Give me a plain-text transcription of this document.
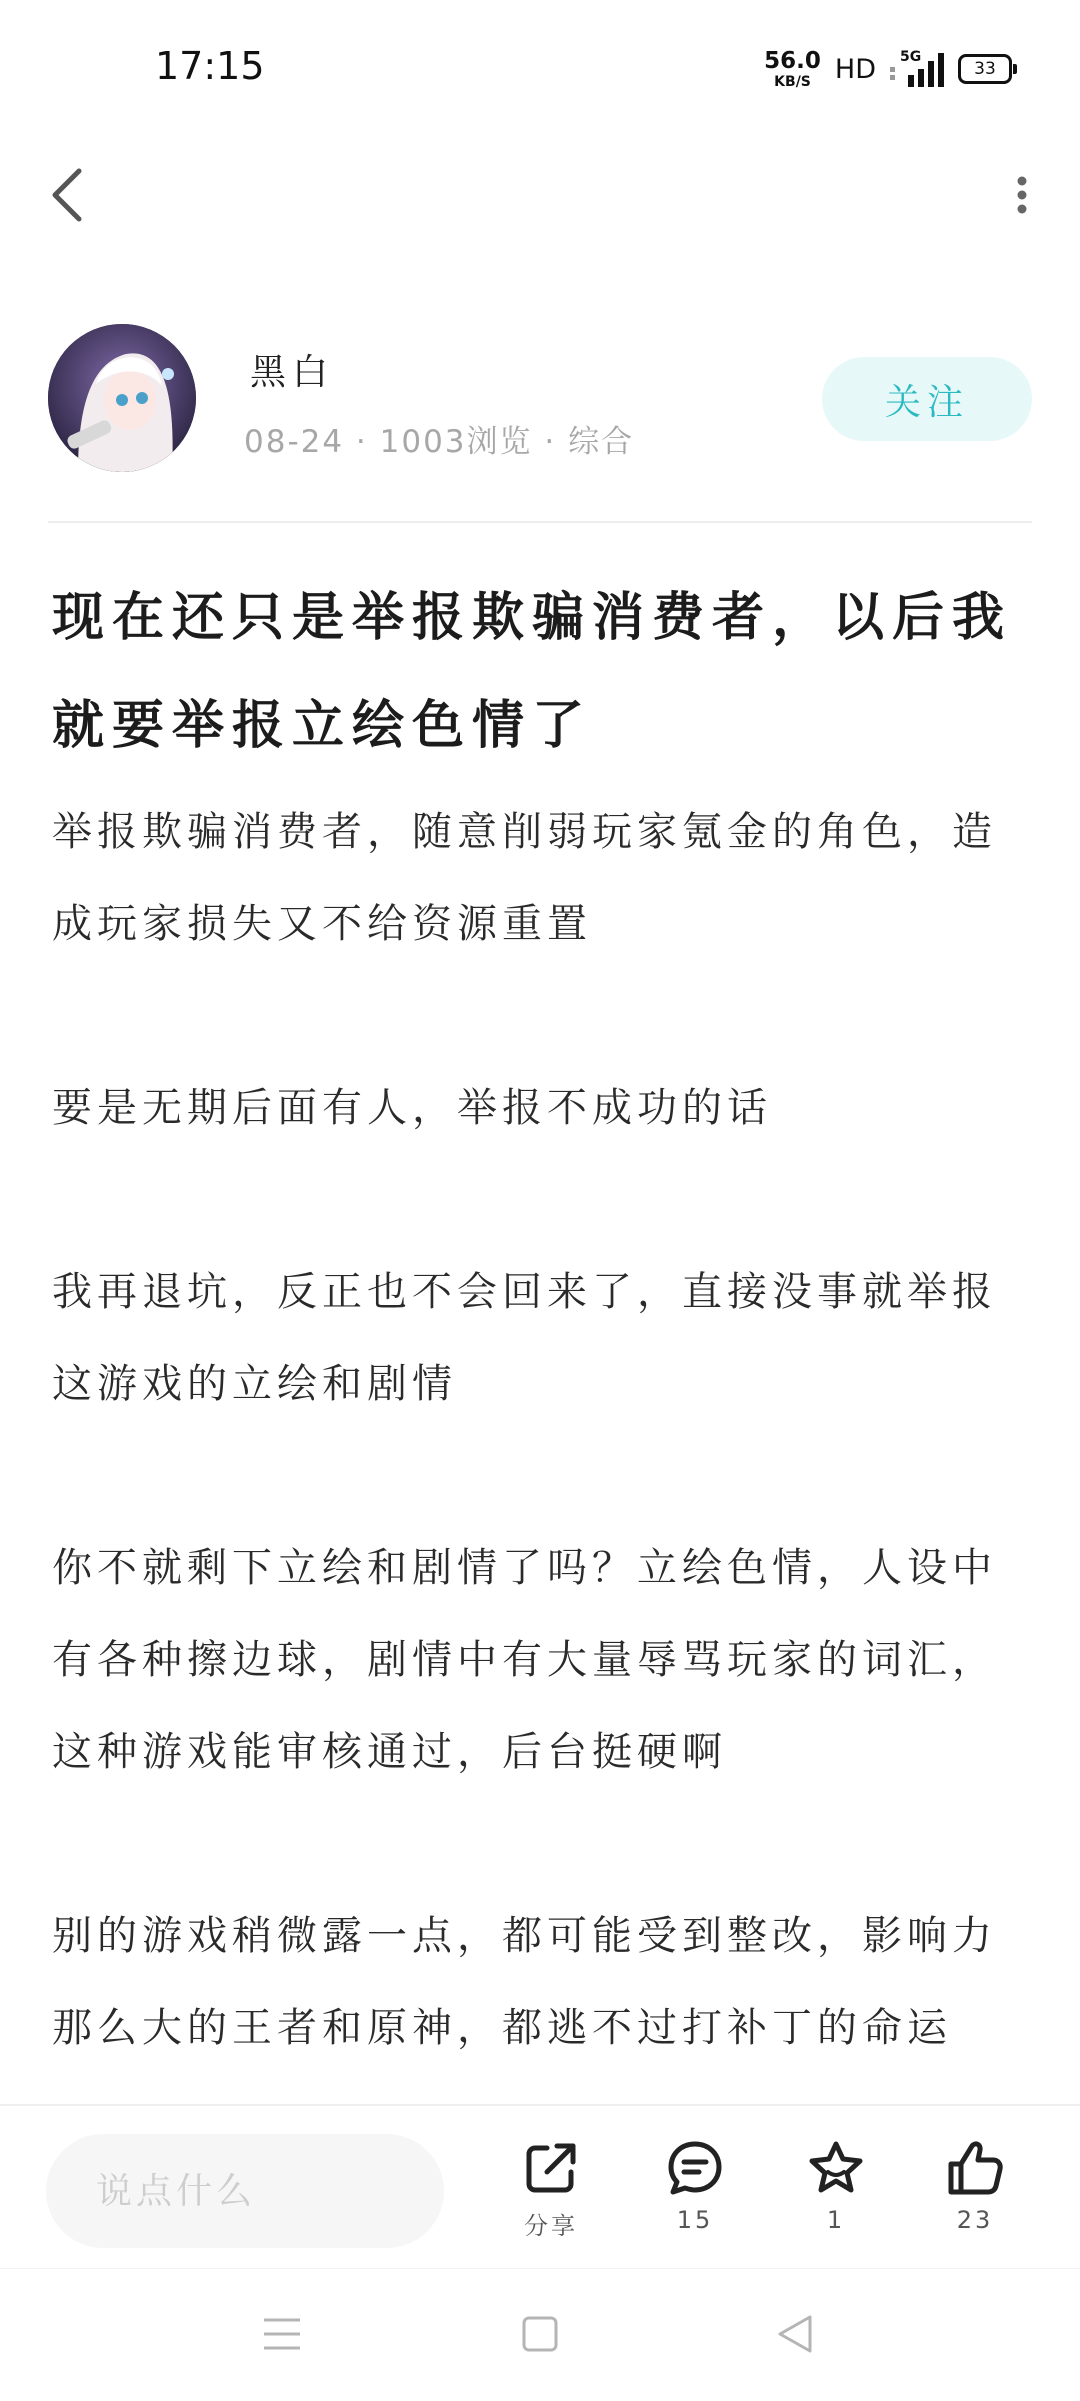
17:15	56.0
KB/S HD 5G
33
黑白
08-24 · 1003浏览 · 综合
关注
现在还只是举报欺骗消费者，以后我就要举报立绘色情了

举报欺骗消费者，随意削弱玩家氪金的角色，造成玩家损失又不给资源重置

要是无期后面有人，举报不成功的话

我再退坑，反正也不会回来了，直接没事就举报这游戏的立绘和剧情

你不就剩下立绘和剧情了吗？立绘色情，人设中有各种擦边球，剧情中有大量辱骂玩家的词汇，这种游戏能审核通过，后台挺硬啊

别的游戏稍微露一点，都可能受到整改，影响力那么大的王者和原神，都逃不过打补丁的命运

说点什么
分享	15	1	23
